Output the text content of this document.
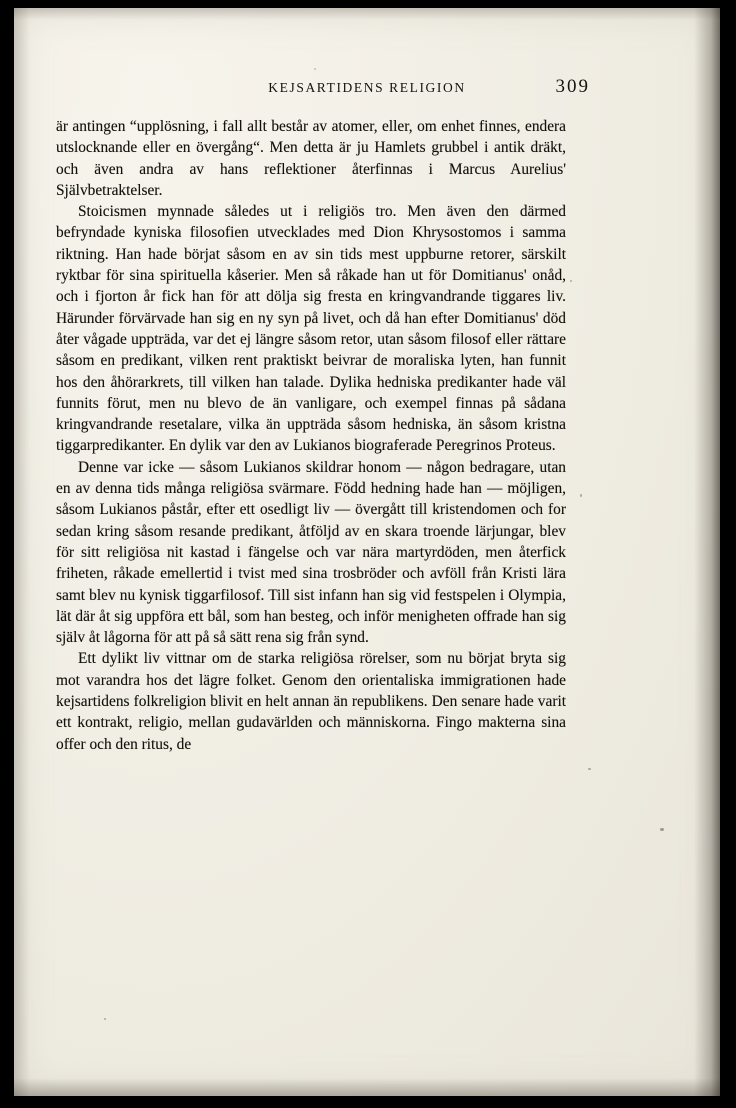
KEJSARTIDENS RELIGION	309

är antingen “upplösning, i fall allt består av atomer, eller, om enhet finnes, endera utslocknande eller en övergång“. Men detta är ju Hamlets grubbel i antik dräkt, och även andra av hans reflektioner återfinnas i Marcus Aurelius' Självbetraktelser.

Stoicismen mynnade således ut i religiös tro. Men även den därmed befryndade kyniska filosofien utvecklades med Dion Khrysostomos i samma riktning. Han hade börjat såsom en av sin tids mest uppburne retorer, särskilt ryktbar för sina spirituella kåserier. Men så råkade han ut för Domitianus' onåd, och i fjorton år fick han för att dölja sig fresta en kringvandrande tiggares liv. Härunder förvärvade han sig en ny syn på livet, och då han efter Domitianus' död åter vågade uppträda, var det ej längre såsom retor, utan såsom filosof eller rättare såsom en predikant, vilken rent praktiskt beivrar de moraliska lyten, han funnit hos den åhörarkrets, till vilken han talade. Dylika hedniska predikanter hade väl funnits förut, men nu blevo de än vanligare, och exempel finnas på sådana kringvandrande resetalare, vilka än uppträda såsom hedniska, än såsom kristna tiggarpredikanter. En dylik var den av Lukianos biograferade Peregrinos Proteus.

Denne var icke — såsom Lukianos skildrar honom — någon bedragare, utan en av denna tids många religiösa svärmare. Född hedning hade han — möjligen, såsom Lukianos påstår, efter ett osedligt liv — övergått till kristendomen och for sedan kring såsom resande predikant, åtföljd av en skara troende lärjungar, blev för sitt religiösa nit kastad i fängelse och var nära martyrdöden, men återfick friheten, råkade emellertid i tvist med sina trosbröder och avföll från Kristi lära samt blev nu kynisk tiggarfilosof. Till sist infann han sig vid festspelen i Olympia, lät där åt sig uppföra ett bål, som han besteg, och inför menigheten offrade han sig själv åt lågorna för att på så sätt rena sig från synd.

Ett dylikt liv vittnar om de starka religiösa rörelser, som nu börjat bryta sig mot varandra hos det lägre folket. Genom den orientaliska immigrationen hade kejsartidens folkreligion blivit en helt annan än republikens. Den senare hade varit ett kontrakt, religio, mellan gudavärlden och människorna. Fingo makterna sina offer och den ritus, de
